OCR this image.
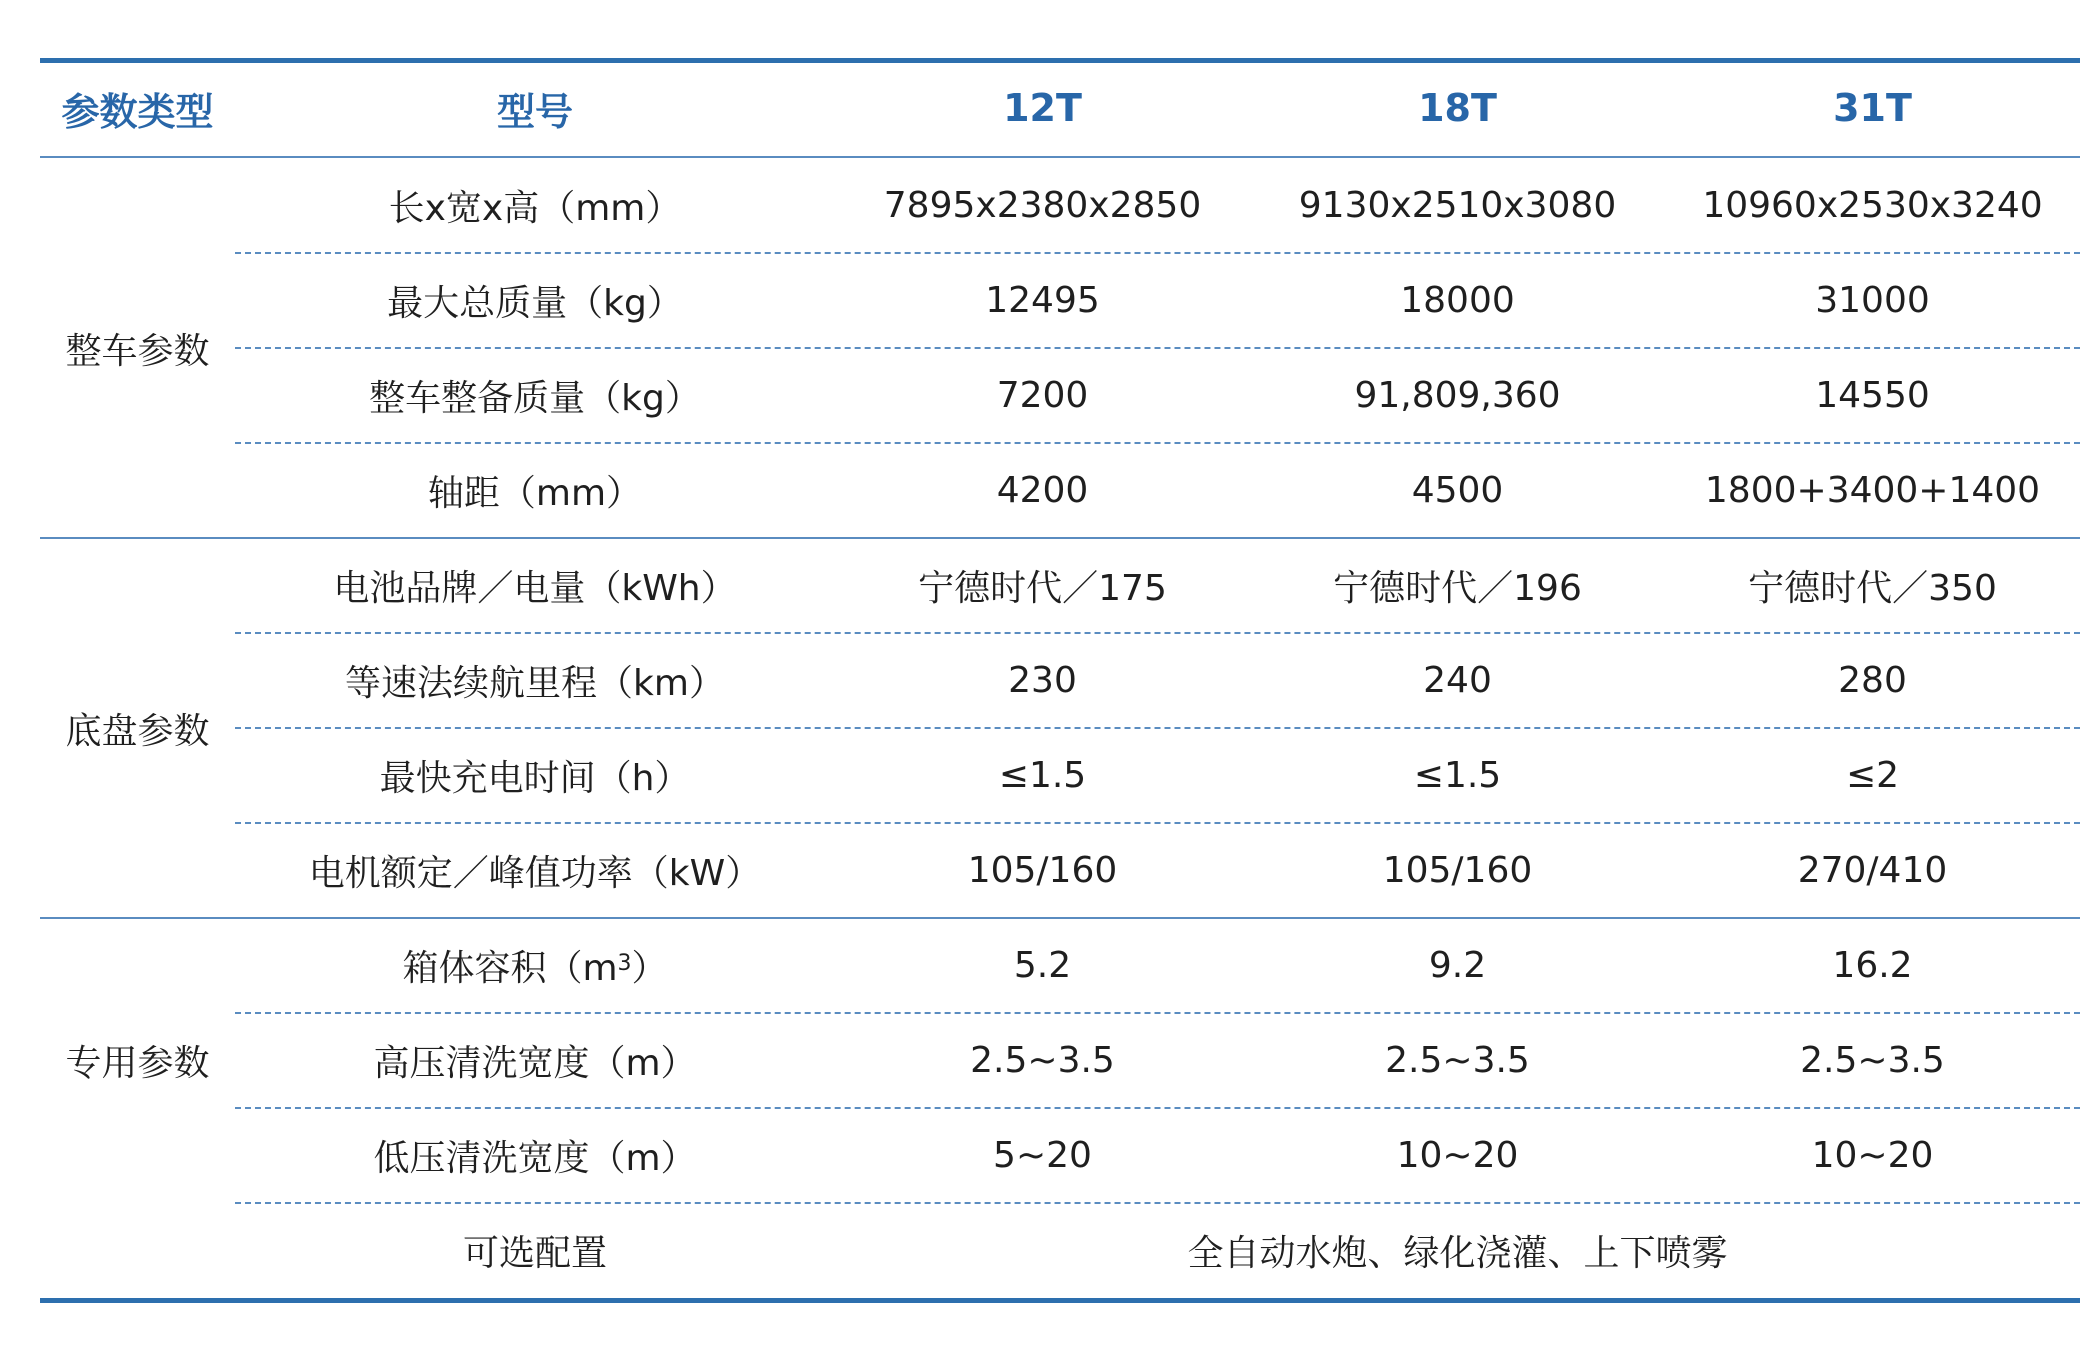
参数类型	型号	12T	18T	31T
整车参数
长x宽x高（mm）	7895x2380x2850	9130x2510x3080	10960x2530x3240
最大总质量（kg）	12495	18000	31000
整车整备质量（kg）	7200	91,809,360	14550
轴距（mm）	4200	4500	1800+3400+1400
底盘参数
电池品牌／电量（kWh）	宁德时代／175	宁德时代／196	宁德时代／350
等速法续航里程（km）	230	240	280
最快充电时间（h）	≤1.5	≤1.5	≤2
电机额定／峰值功率（kW）	105/160	105/160	270/410
专用参数
箱体容积（$m^3$ ）	5.2	9.2	16.2
高压清洗宽度（m）	2.5~3.5	2.5~3.5	2.5~3.5
低压清洗宽度（m）	5~20	10~20	10~20
可选配置	全自动水炮、绿化浇灌、上下喷雾
